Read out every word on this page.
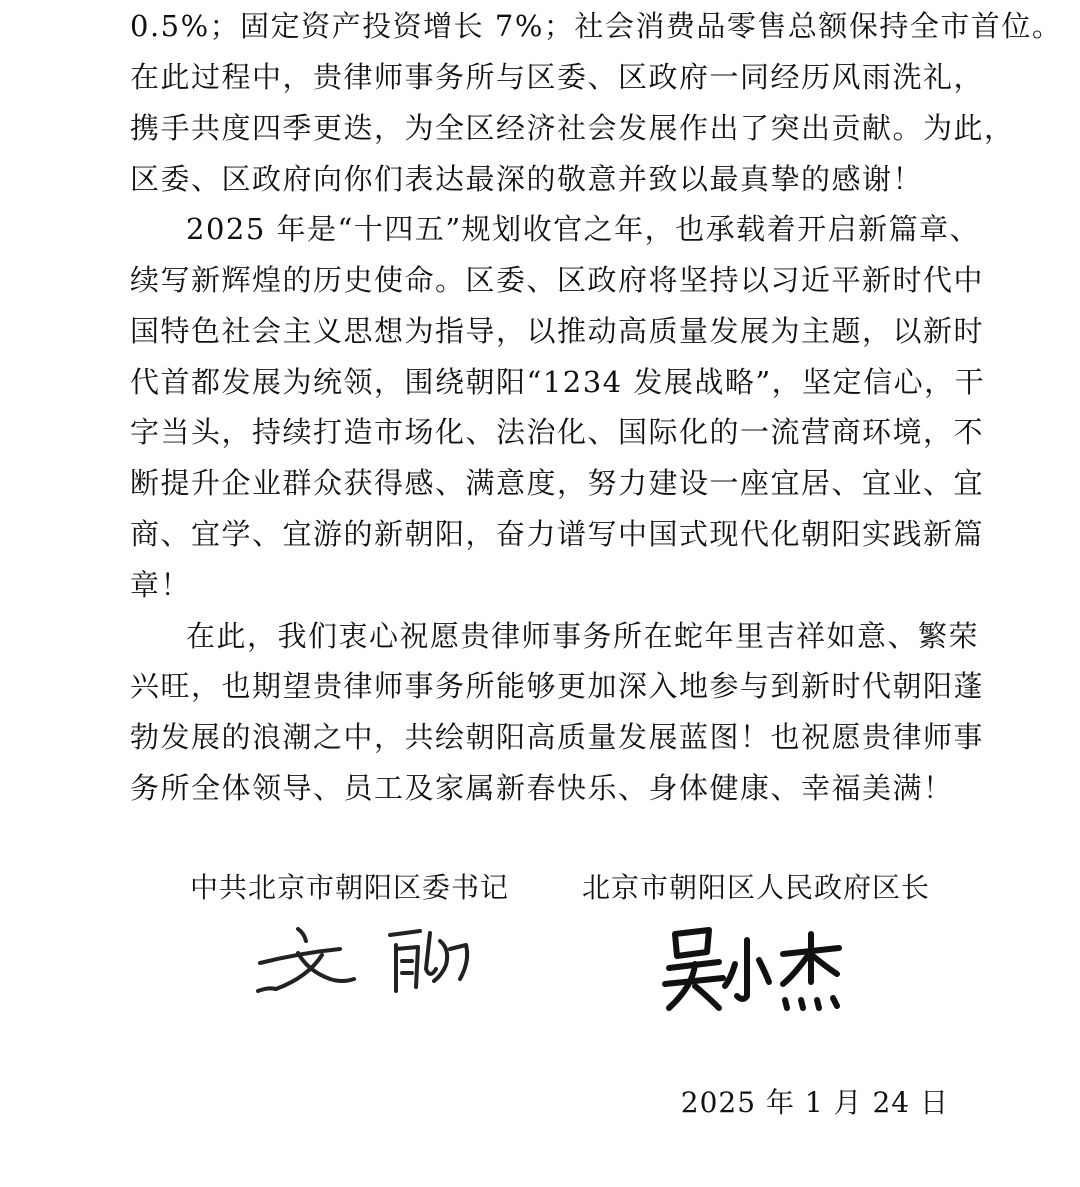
0.5%；固定资产投资增长 7%；社会消费品零售总额保持全市首位。
在此过程中，贵律师事务所与区委、区政府一同经历风雨洗礼，
携手共度四季更迭，为全区经济社会发展作出了突出贡献。为此，
区委、区政府向你们表达最深的敬意并致以最真挚的感谢！
2025 年是“十四五”规划收官之年，也承载着开启新篇章、
续写新辉煌的历史使命。区委、区政府将坚持以习近平新时代中
国特色社会主义思想为指导，以推动高质量发展为主题，以新时
代首都发展为统领，围绕朝阳“1234 发展战略”，坚定信心，干
字当头，持续打造市场化、法治化、国际化的一流营商环境，不
断提升企业群众获得感、满意度，努力建设一座宜居、宜业、宜
商、宜学、宜游的新朝阳，奋力谱写中国式现代化朝阳实践新篇
章！
在此，我们衷心祝愿贵律师事务所在蛇年里吉祥如意、繁荣
兴旺，也期望贵律师事务所能够更加深入地参与到新时代朝阳蓬
勃发展的浪潮之中，共绘朝阳高质量发展蓝图！也祝愿贵律师事
务所全体领导、员工及家属新春快乐、身体健康、幸福美满！
中共北京市朝阳区委书记	北京市朝阳区人民政府区长
2025 年 1 月 24 日
